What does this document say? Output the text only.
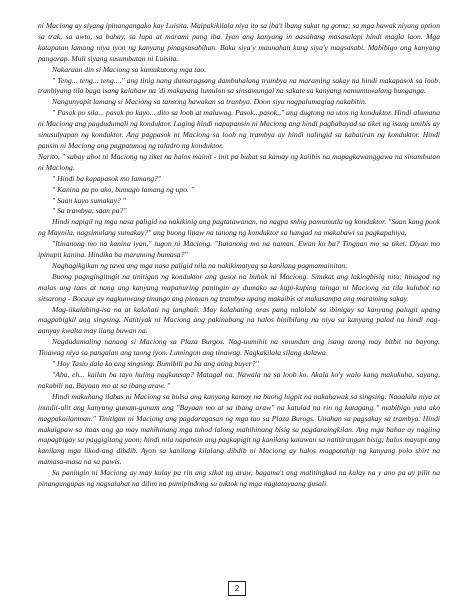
ni Maciong ay siyang ipinangangako kay Luisita. Maipakikilala niya ito sa iba't ibang sukat ng goma; sa mga hawak niyang option sa trak, sa awto, sa bahay, sa lupa at marami pang iba. Iyan ang kanyang in aasahang masasalapi hindi magla laon. Mga katapatan lamang niya iyon ng kanyang pinagsasabihan. Baka siya'y maunahan kung siya'y magsasabi. Mabibigo ang kanyang pangarap. Muli siyang susumbatan ni Luisita.

Nakaraan din si Maciong sa kumukutong mga tao.

" Teng... teng... teng...," ang tinig nang dumaragsang dambuhalang trambya na maraming sakay na hindi makapasok sa loob, tranbiyang tila baga isang kalabaw na 'di makayang lumulon sa sinsamungal na sakate sa kanyang namumuwalang bunganga.

Nangunyapit lamang si Maciong sa tansong hawakan sa tranbya. Doon siya nagpalumagiag nakabitin.

" Pasok po sila... pasok po kayo... dito sa loob at maluwag. Pasok...pasok,," ang dugtong na utos ng konduktor. Hindi alumana ni Maciong ang pagdudumali ng konduktor. Laging hindi napapansin ni Maciong ang hindi pagbabayad sa tiket ng isang umibis ay sinusulyapan ng konduktor. Ang pagpasok ni Maciong sa loob ng trambya ay hindi nalingid sa kabatiran ng konduktor. Hindi pansin ni Maciong ang pagpatunog ng taladro ng konduktor.

Narito, " sabay abot ni Maciong ng tiket na halos mainit - init pa buhat sa kamay ng kaiibis na mapagkawanggawa na sinambutan ni Maciong.

" Hindi ba kapapasok mo lamang?"

" Kanina pa po ako, bumago lamang ng upo. "

" Saan kayo sumakay? "

" Sa trambya, saan pa?"

Hindi napigil ng mga nasa paligid na nakikinig ang pagtatawanan, na nagpa snhig pamumutla ng konduktor. "Saan kang pook ng Maynila, nagsimulang sumakay?" ang buong linaw na tanong ng konduktor sa hangad na makabawi sa pagkapahiya,

"Itinanong mo na kanina iyan," tugon ni Maciong. "Itatanong mo na naman. Ewan ko ba? Tingnan mo sa tiket. Diyan mo ipinupit kanina. Hindika ba marunong bumasa?"

Naghagikgikan ng tawa ang mga nasa paligid nila na nakikimatyag sa kanilang pagmamainitan.

Buong pagngingitngit na tinitigan ng konduktor ang gusot na buhok ni Maciong. Sinukat ang lakingbisig nito; hinagod ng malas ang taas at nang ang kanyang mapanuring paningin ay dumako sa kupi-kuping tainga ni Maciong na tila kulubot na sitsarong - Bocaue ay nagkunwang tinungo ang pintuan ng trambya upang makaibis at makasampa ang maraming sakay.

Mag-iikalabing-isa na at kalahati ng tanghali. May kalahating oras pang nalalabi sa ibinigay sa kanyang palugit upang magpabigkil ang singsing. Natitiyak ni Maciong ang pakinabang na halos binibilang na niya sa kanyang palad na hindi nag-aanyay kwalta may ilang buwan na.

Nagdudumaling nanaog si Maciong sa Plaza Burgos. Nag-uumihit na sinundan ang isang taong may bitbit na bayong. Tinawag niya sa pangalan ang taong iyon. Lumingon ang tinawag. Nagkakilala silang dalawa.

" Hoy Tasio dala ko ang singsing. Bumibili pa ba ang ating buyer?"

"Aba, eh... kailan ba tayo huling nagkausap? Matagal na. Nawala na sa loob ko. Akala ko'y walo kang makukuha, sayang, nakabili na, Bayaan mo at sa ibang araw. "

Hindi makuhang ilabas ni Maciong sa bulsa ang kanyang kamay na buong higpit na nakahawak sa singsing. Naaalala niya at inuulit-ulit ang kanyang gunam-gunam ang "Bayaan mo at sa ibang araw" na katulad na rin ng katagang " mabibigo yata ako magpakailanman." Tinitigan ni Maciong ang pagdaragasan ng mga tao sa Plaza Burogs. Unahan sa pagsakay sa trambya. Hindi makaigpaw sa itaas ang ga may mahihinang mga tuhod lalong mahihinang bisig sa pagdaraingkilan. Ang mga babae ay nagiing mapagbigay sa paggigitang yaon; hindi nila napansin ang pagkapigit ng kanilang katawan sa natitirungan bisig; halos mayupi ang kanilang mga likod-ang dibdib. Ayon sa kanilang kilalang dibdib ni Maciong ay halos magpatahip ng kanyang polo shirt na mamasa-masa na sa pawis.

Sa paningin ni Maciong ay may kulay pa rin ang sikat ng araw, bagama't ang matitingkad na kulay na y ano pa ay pilit na pinangungupas ng nagsalabat na dilim na pumipindong sa tuktok ng mga nagtatayuang gusali.

2
